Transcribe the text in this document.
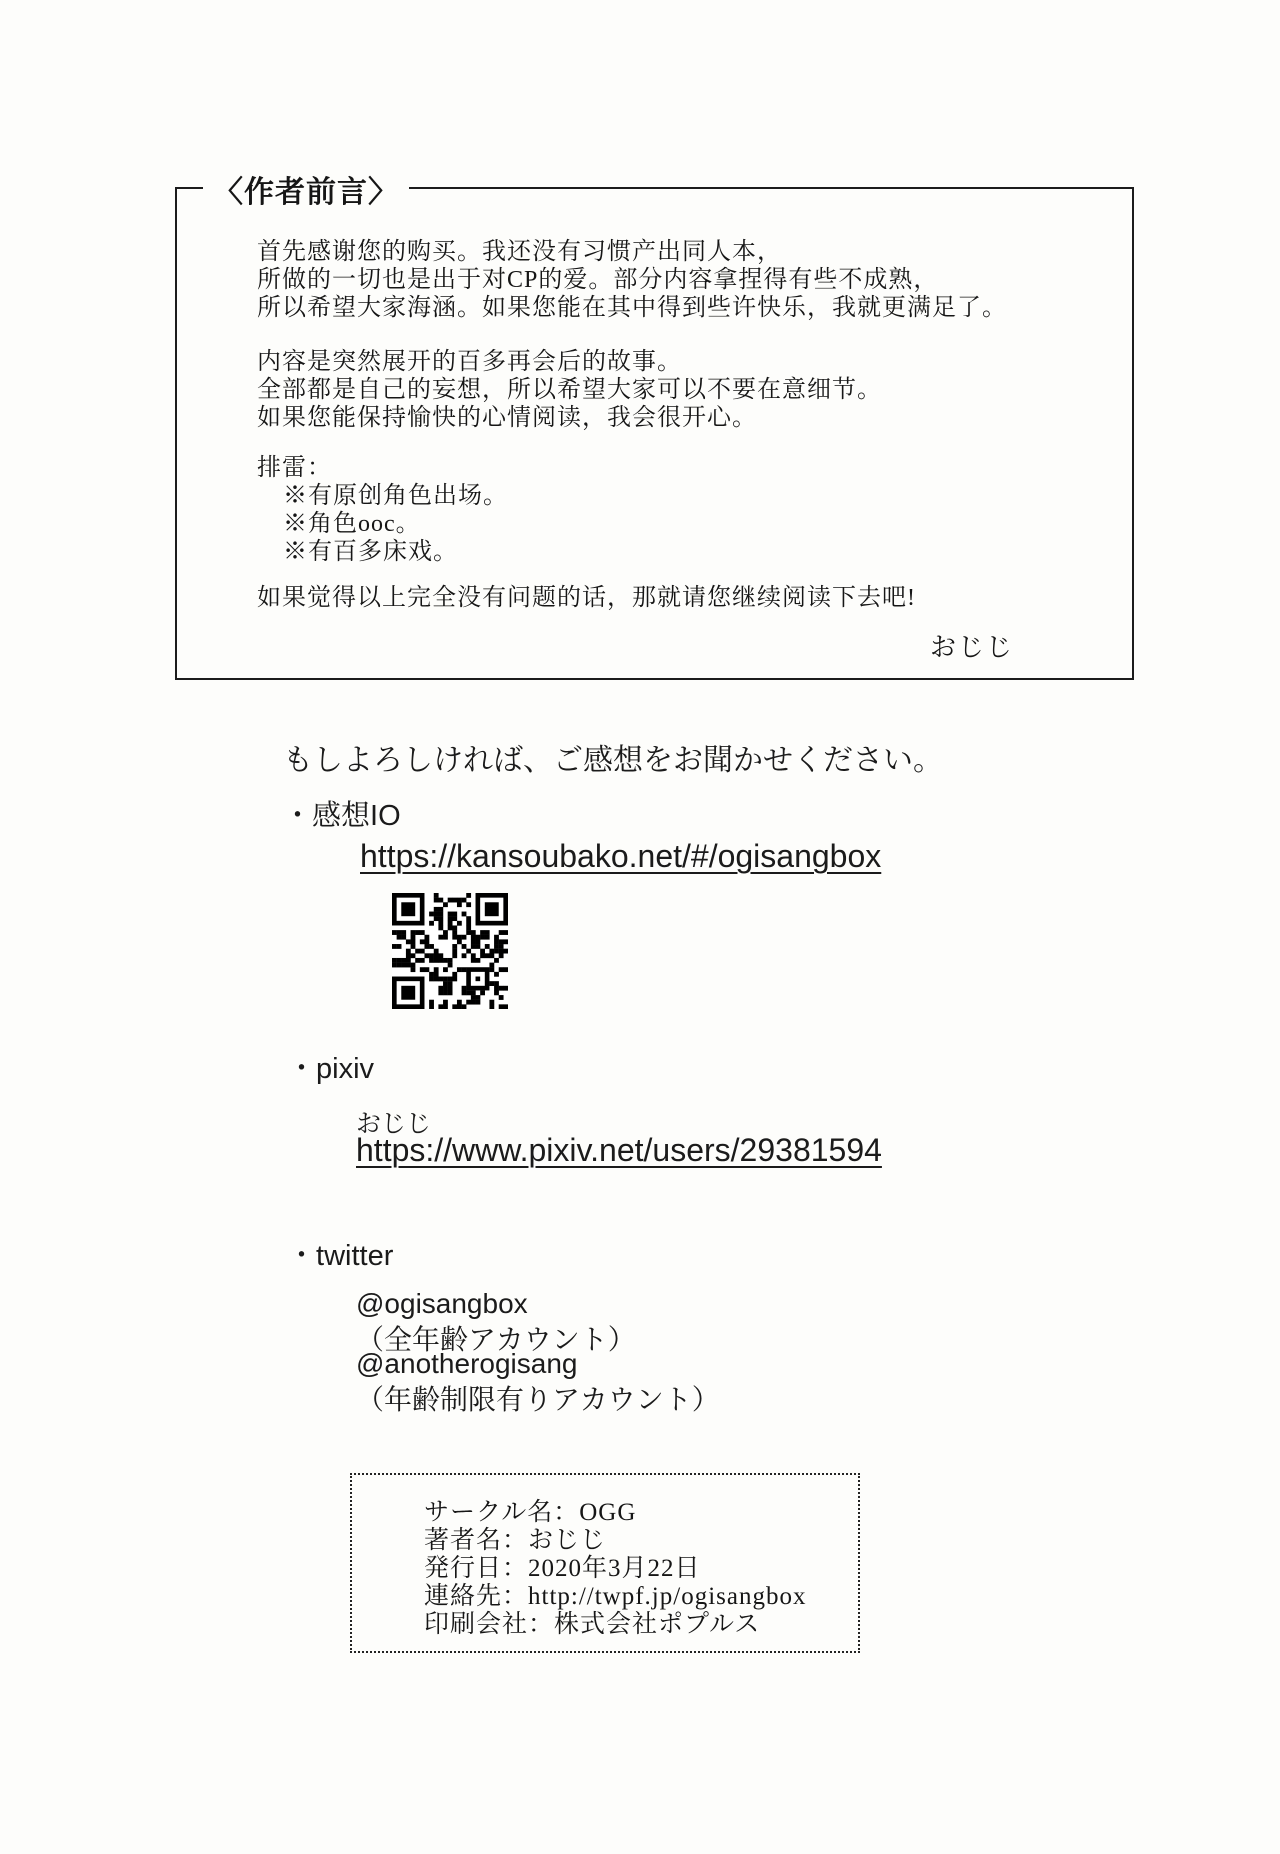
〈作者前言〉
首先感谢您的购买。我还没有习惯产出同人本，
所做的一切也是出于对CP的爱。部分内容拿捏得有些不成熟，
所以希望大家海涵。如果您能在其中得到些许快乐，我就更满足了。
内容是突然展开的百多再会后的故事。
全部都是自己的妄想，所以希望大家可以不要在意细节。
如果您能保持愉快的心情阅读，我会很开心。
排雷：
※有原创角色出场。
※角色ooc。
※有百多床戏。
如果觉得以上完全没有问题的话，那就请您继续阅读下去吧!
おじじ
もしよろしければ、ご感想をお聞かせください。
・感想IO
https://kansoubako.net/#/ogisangbox
・pixiv
おじじ
https://www.pixiv.net/users/29381594
・twitter
@ogisangbox
（全年齢アカウント）
@anotherogisang
（年齢制限有りアカウント）
サークル名：OGG
著者名：おじじ
発行日：2020年3月22日
連絡先：http://twpf.jp/ogisangbox
印刷会社：株式会社ポプルス
